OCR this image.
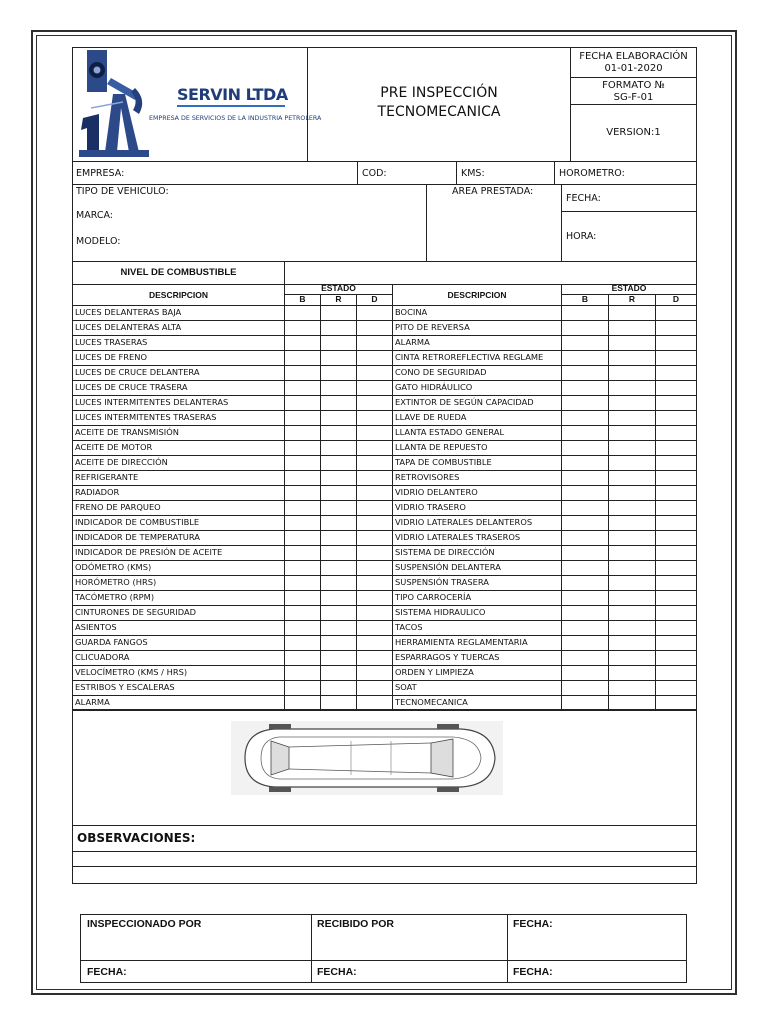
SERVIN LTDA
EMPRESA DE SERVICIOS DE LA INDUSTRIA PETROLERA
PRE INSPECCIÓN
TECNOMECANICA
FECHA ELABORACIÓN
01-01-2020
FORMATO №
SG-F-01
VERSION:1
EMPRESA:	COD:	KMS:	HOROMETRO:
TIPO DE VEHICULO:
MARCA:
MODELO:
AREA PRESTADA:
FECHA:
HORA:
NIVEL DE COMBUSTIBLE
DESCRIPCION
ESTADO
B	R	D	DESCRIPCION
ESTADO
B	R	D
LUCES DELANTERAS BAJA	BOCINA
LUCES DELANTERAS ALTA	PITO DE REVERSA
LUCES TRASERAS	ALARMA
LUCES DE FRENO	CINTA RETROREFLECTIVA REGLAME
LUCES DE CRUCE DELANTERA	CONO DE SEGURIDAD
LUCES DE CRUCE TRASERA	GATO HIDRÁULICO
LUCES INTERMITENTES DELANTERAS	EXTINTOR DE SEGÚN CAPACIDAD
LUCES INTERMITENTES TRASERAS	LLAVE DE RUEDA
ACEITE DE TRANSMISIÓN	LLANTA ESTADO GENERAL
ACEITE DE MOTOR	LLANTA DE REPUESTO
ACEITE DE DIRECCIÓN	TAPA DE COMBUSTIBLE
REFRIGERANTE	RETROVISORES
RADIADOR	VIDRIO DELANTERO
FRENO DE PARQUEO	VIDRIO TRASERO
INDICADOR DE COMBUSTIBLE	VIDRIO LATERALES DELANTEROS
INDICADOR DE TEMPERATURA	VIDRIO LATERALES TRASEROS
INDICADOR DE PRESIÓN DE ACEITE	SISTEMA DE DIRECCIÓN
ODÓMETRO (KMS)	SUSPENSIÓN DELANTERA
HORÓMETRO (HRS)	SUSPENSIÓN TRASERA
TACÓMETRO (RPM)	TIPO CARROCERÍA
CINTURONES DE SEGURIDAD	SISTEMA HIDRAULICO
ASIENTOS	TACOS
GUARDA FANGOS	HERRAMIENTA REGLAMENTARIA
CLICUADORA	ESPARRAGOS Y TUERCAS
VELOCÍMETRO (KMS / HRS)	ORDEN Y LIMPIEZA
ESTRIBOS Y ESCALERAS	SOAT
ALARMA	TECNOMECANICA
OBSERVACIONES:
INSPECCIONADO POR	RECIBIDO POR	FECHA:
FECHA:	FECHA:	FECHA:
